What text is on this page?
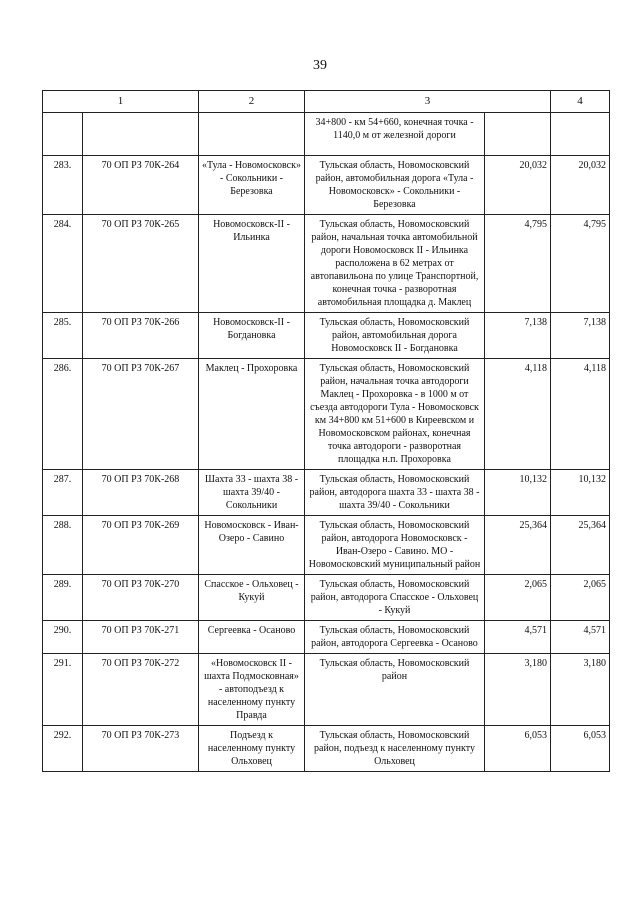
39
1		2	3		4
			34+800 - км 54+660, конечная точка - 1140,0 м от железной дороги		
283.	70 ОП РЗ 70К-264	«Тула - Новомосковск» - Сокольники - Березовка	Тульская область, Новомосковский район, автомобильная дорога «Тула - Новомосковск» - Сокольники - Березовка	20,032	20,032
284.	70 ОП РЗ 70К-265	Новомосковск-II - Ильинка	Тульская область, Новомосковский район, начальная точка автомобильной дороги Новомосковск II - Ильинка расположена в 62 метрах от автопавильона по улице Транспортной, конечная точка - разворотная автомобильная площадка д. Маклец	4,795	4,795
285.	70 ОП РЗ 70К-266	Новомосковск-II - Богдановка	Тульская область, Новомосковский район, автомобильная дорога Новомосковск II - Богдановка	7,138	7,138
286.	70 ОП РЗ 70К-267	Маклец - Прохоровка	Тульская область, Новомосковский район, начальная точка автодороги Маклец - Прохоровка - в 1000 м от съезда автодороги Тула - Новомосковск км 34+800 км 51+600 в Киреевском и Новомосковском районах, конечная точка автодороги - разворотная площадка н.п. Прохоровка	4,118	4,118
287.	70 ОП РЗ 70К-268	Шахта 33 - шахта 38 - шахта 39/40 - Сокольники	Тульская область, Новомосковский район, автодорога шахта 33 - шахта 38 - шахта 39/40 - Сокольники	10,132	10,132
288.	70 ОП РЗ 70К-269	Новомосковск - Иван-Озеро - Савино	Тульская область, Новомосковский район, автодорога Новомосковск - Иван-Озеро - Савино. МО - Новомосковский муниципальный район	25,364	25,364
289.	70 ОП РЗ 70К-270	Спасское - Ольховец - Кукуй	Тульская область, Новомосковский район, автодорога Спасское - Ольховец - Кукуй	2,065	2,065
290.	70 ОП РЗ 70К-271	Сергеевка - Осаново	Тульская область, Новомосковский район, автодорога Сергеевка - Осаново	4,571	4,571
291.	70 ОП РЗ 70К-272	«Новомосковск II - шахта Подмосковная» - автоподъезд к населенному пункту Правда	Тульская область, Новомосковский район	3,180	3,180
292.	70 ОП РЗ 70К-273	Подъезд к населенному пункту Ольховец	Тульская область, Новомосковский район, подъезд к населенному пункту Ольховец	6,053	6,053
